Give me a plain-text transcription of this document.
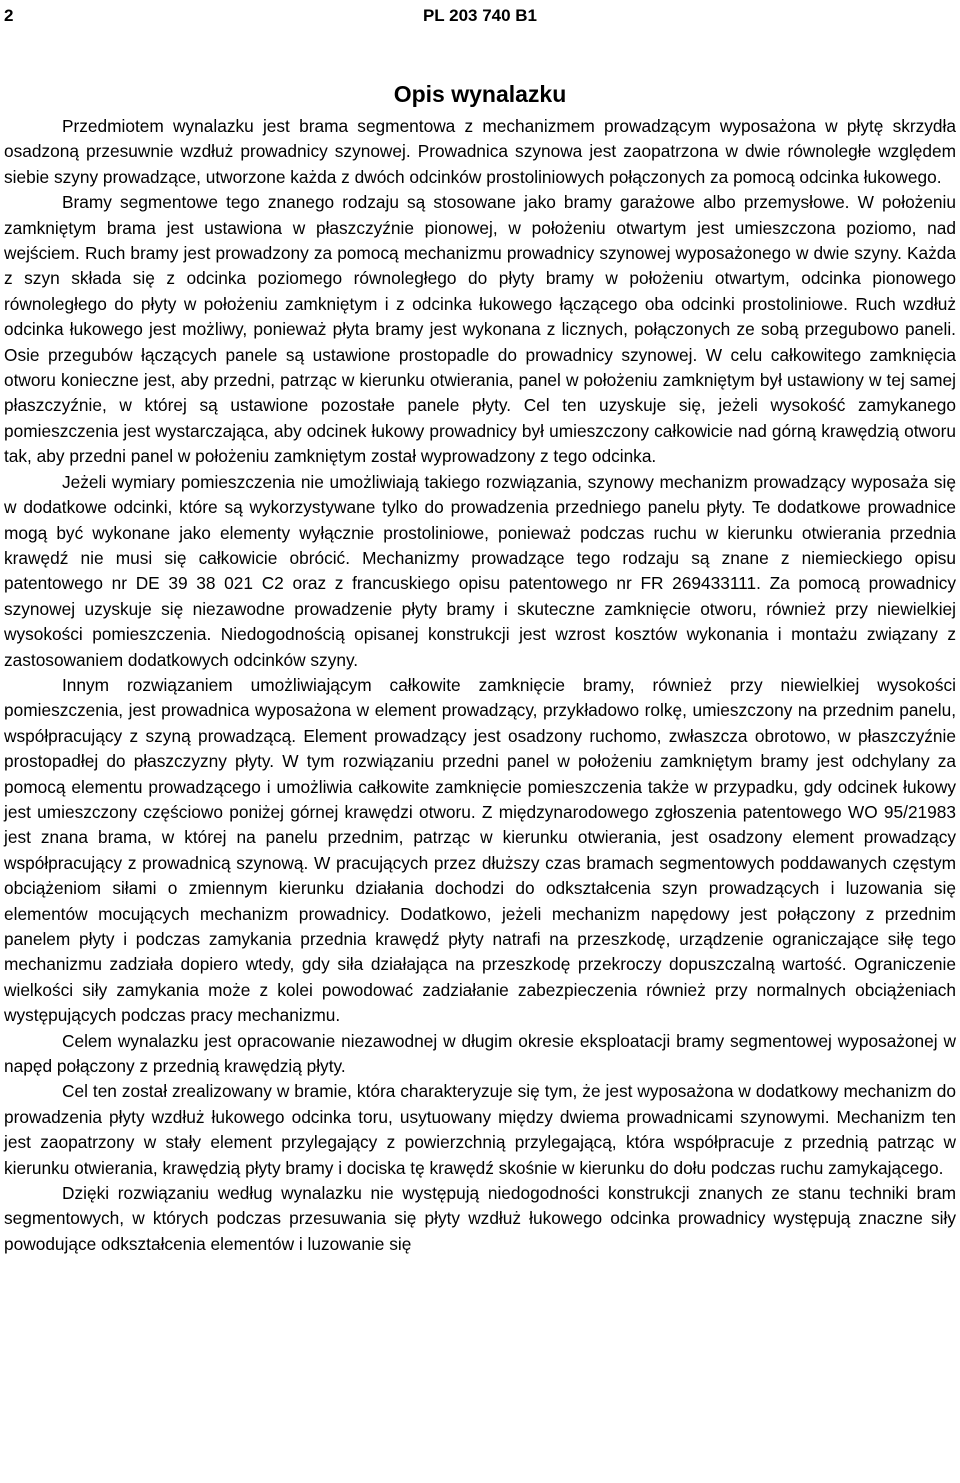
2	PL 203 740 B1
Opis wynalazku

Przedmiotem wynalazku jest brama segmentowa z mechanizmem prowadzącym wyposażona w płytę skrzydła osadzoną przesuwnie wzdłuż prowadnicy szynowej. Prowadnica szynowa jest zaopatrzona w dwie równoległe względem siebie szyny prowadzące, utworzone każda z dwóch odcinków prostoliniowych połączonych za pomocą odcinka łukowego.

Bramy segmentowe tego znanego rodzaju są stosowane jako bramy garażowe albo przemysłowe. W położeniu zamkniętym brama jest ustawiona w płaszczyźnie pionowej, w położeniu otwartym jest umieszczona poziomo, nad wejściem. Ruch bramy jest prowadzony za pomocą mechanizmu prowadnicy szynowej wyposażonego w dwie szyny. Każda z szyn składa się z odcinka poziomego równoległego do płyty bramy w położeniu otwartym, odcinka pionowego równoległego do płyty w położeniu zamkniętym i z odcinka łukowego łączącego oba odcinki prostoliniowe. Ruch wzdłuż odcinka łukowego jest możliwy, ponieważ płyta bramy jest wykonana z licznych, połączonych ze sobą przegubowo paneli. Osie przegubów łączących panele są ustawione prostopadle do prowadnicy szynowej. W celu całkowitego zamknięcia otworu konieczne jest, aby przedni, patrząc w kierunku otwierania, panel w położeniu zamkniętym był ustawiony w tej samej płaszczyźnie, w której są ustawione pozostałe panele płyty. Cel ten uzyskuje się, jeżeli wysokość zamykanego pomieszczenia jest wystarczająca, aby odcinek łukowy prowadnicy był umieszczony całkowicie nad górną krawędzią otworu tak, aby przedni panel w położeniu zamkniętym został wyprowadzony z tego odcinka.

Jeżeli wymiary pomieszczenia nie umożliwiają takiego rozwiązania, szynowy mechanizm prowadzący wyposaża się w dodatkowe odcinki, które są wykorzystywane tylko do prowadzenia przedniego panelu płyty. Te dodatkowe prowadnice mogą być wykonane jako elementy wyłącznie prostoliniowe, ponieważ podczas ruchu w kierunku otwierania przednia krawędź nie musi się całkowicie obrócić. Mechanizmy prowadzące tego rodzaju są znane z niemieckiego opisu patentowego nr DE 39 38 021 C2 oraz z francuskiego opisu patentowego nr FR 269433111. Za pomocą prowadnicy szynowej uzyskuje się niezawodne prowadzenie płyty bramy i skuteczne zamknięcie otworu, również przy niewielkiej wysokości pomieszczenia. Niedogodnością opisanej konstrukcji jest wzrost kosztów wykonania i montażu związany z zastosowaniem dodatkowych odcinków szyny.

Innym rozwiązaniem umożliwiającym całkowite zamknięcie bramy, również przy niewielkiej wysokości pomieszczenia, jest prowadnica wyposażona w element prowadzący, przykładowo rolkę, umieszczony na przednim panelu, współpracujący z szyną prowadzącą. Element prowadzący jest osadzony ruchomo, zwłaszcza obrotowo, w płaszczyźnie prostopadłej do płaszczyzny płyty. W tym rozwiązaniu przedni panel w położeniu zamkniętym bramy jest odchylany za pomocą elementu prowadzącego i umożliwia całkowite zamknięcie pomieszczenia także w przypadku, gdy odcinek łukowy jest umieszczony częściowo poniżej górnej krawędzi otworu. Z międzynarodowego zgłoszenia patentowego WO 95/21983 jest znana brama, w której na panelu przednim, patrząc w kierunku otwierania, jest osadzony element prowadzący współpracujący z prowadnicą szynową. W pracujących przez dłuższy czas bramach segmentowych poddawanych częstym obciążeniom siłami o zmiennym kierunku działania dochodzi do odkształcenia szyn prowadzących i luzowania się elementów mocujących mechanizm prowadnicy. Dodatkowo, jeżeli mechanizm napędowy jest połączony z przednim panelem płyty i podczas zamykania przednia krawędź płyty natrafi na przeszkodę, urządzenie ograniczające siłę tego mechanizmu zadziała dopiero wtedy, gdy siła działająca na przeszkodę przekroczy dopuszczalną wartość. Ograniczenie wielkości siły zamykania może z kolei powodować zadziałanie zabezpieczenia również przy normalnych obciążeniach występujących podczas pracy mechanizmu.

Celem wynalazku jest opracowanie niezawodnej w długim okresie eksploatacji bramy segmentowej wyposażonej w napęd połączony z przednią krawędzią płyty.

Cel ten został zrealizowany w bramie, która charakteryzuje się tym, że jest wyposażona w dodatkowy mechanizm do prowadzenia płyty wzdłuż łukowego odcinka toru, usytuowany między dwiema prowadnicami szynowymi. Mechanizm ten jest zaopatrzony w stały element przylegający z powierzchnią przylegającą, która współpracuje z przednią patrząc w kierunku otwierania, krawędzią płyty bramy i dociska tę krawędź skośnie w kierunku do dołu podczas ruchu zamykającego.

Dzięki rozwiązaniu według wynalazku nie występują niedogodności konstrukcji znanych ze stanu techniki bram segmentowych, w których podczas przesuwania się płyty wzdłuż łukowego odcinka prowadnicy występują znaczne siły powodujące odkształcenia elementów i luzowanie się
